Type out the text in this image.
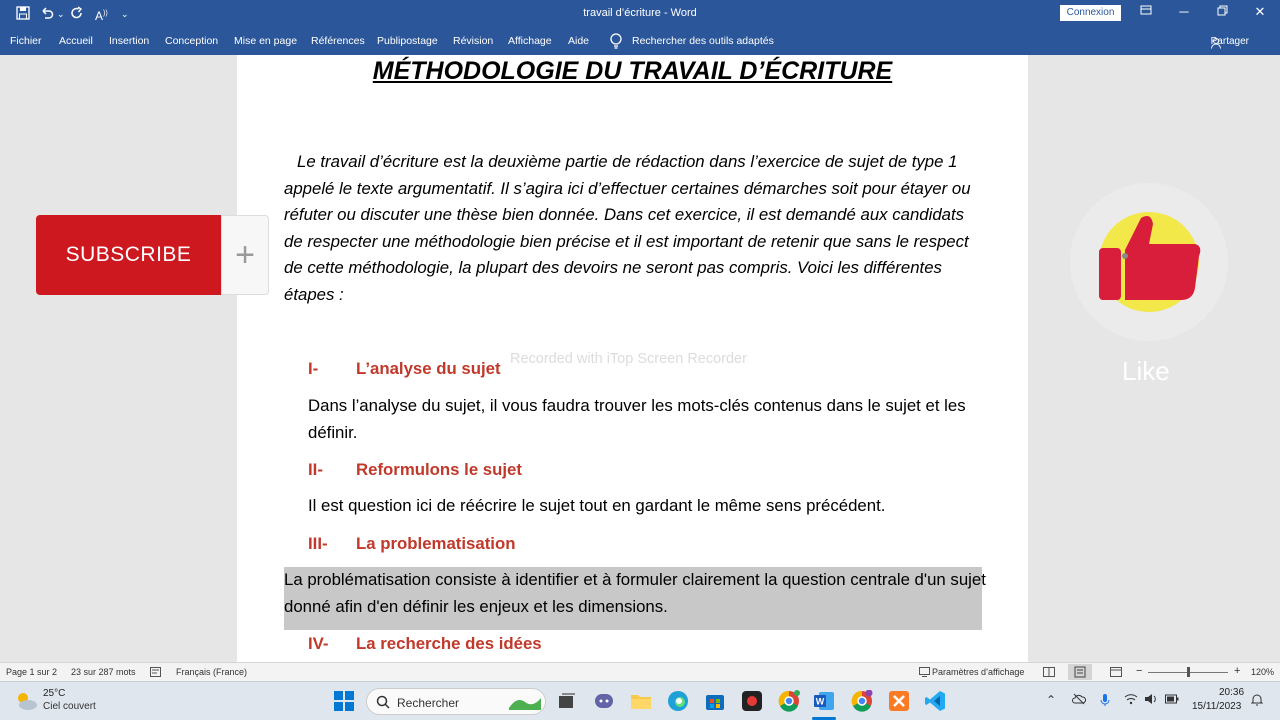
⌄	A)) ⌄	travail d’écriture - Word	Connexion	─	✕
Fichier Accueil Insertion Conception Mise en page Références Publipostage Révision Affichage Aide	Rechercher des outils adaptés	Partager
MÉTHODOLOGIE DU TRAVAIL D’ÉCRITURE
Le travail d’écriture est la deuxième partie de rédaction dans l’exercice de sujet de type 1 appelé le texte argumentatif. Il s’agira ici d’effectuer certaines démarches soit pour étayer ou réfuter ou discuter une thèse bien donnée. Dans cet exercice, il est demandé aux candidats de respecter une méthodologie bien précise et il est important de retenir que sans le respect de cette méthodologie, la plupart des devoirs ne seront pas compris. Voici les différentes étapes :
Recorded with iTop Screen Recorder
I- L’analyse du sujet
Dans l’analyse du sujet, il vous faudra trouver les mots-clés contenus dans le sujet et les définir.
II- Reformulons le sujet
Il est question ici de réécrire le sujet tout en gardant le même sens précédent.
III- La problematisation
La problématisation consiste à identifier et à formuler clairement la question centrale d'un sujet donné afin d'en définir les enjeux et les dimensions.
IV- La recherche des idées
SUBSCRIBE	+
Like
Page 1 sur 2 23 sur 287 mots	Français (France)	Paramètres d’affichage	−	+ 120%
25°C
Ciel couvert	Rechercher	W	⌃
20:36
15/11/2023
